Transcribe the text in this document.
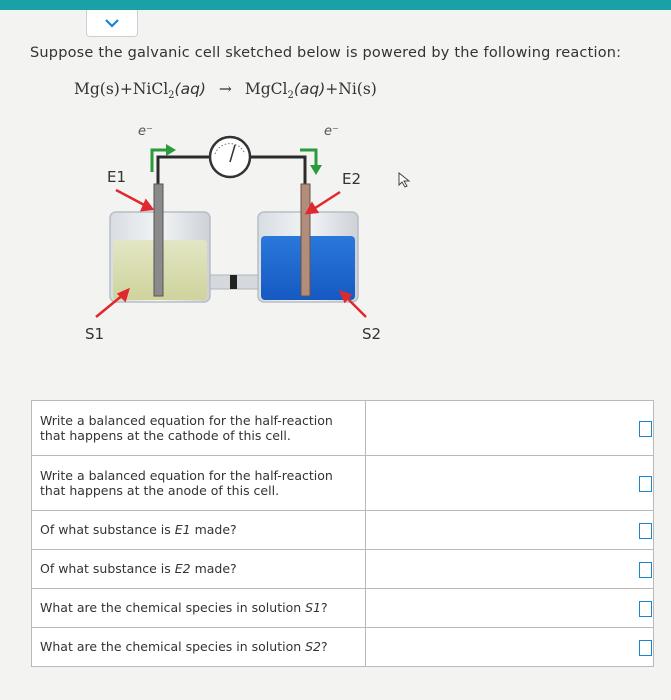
Suppose the galvanic cell sketched below is powered by the following reaction:
Mg(s)+NiCl$_2$(aq) → MgCl$_2$(aq)+Ni(s)
e⁻	e⁻
E1	E2
S1	S2
Write a balanced equation for the half-reaction that happens at the cathode of this cell.	
Write a balanced equation for the half-reaction that happens at the anode of this cell.	
Of what substance is E1 made?	
Of what substance is E2 made?	
What are the chemical species in solution S1?	
What are the chemical species in solution S2?	
